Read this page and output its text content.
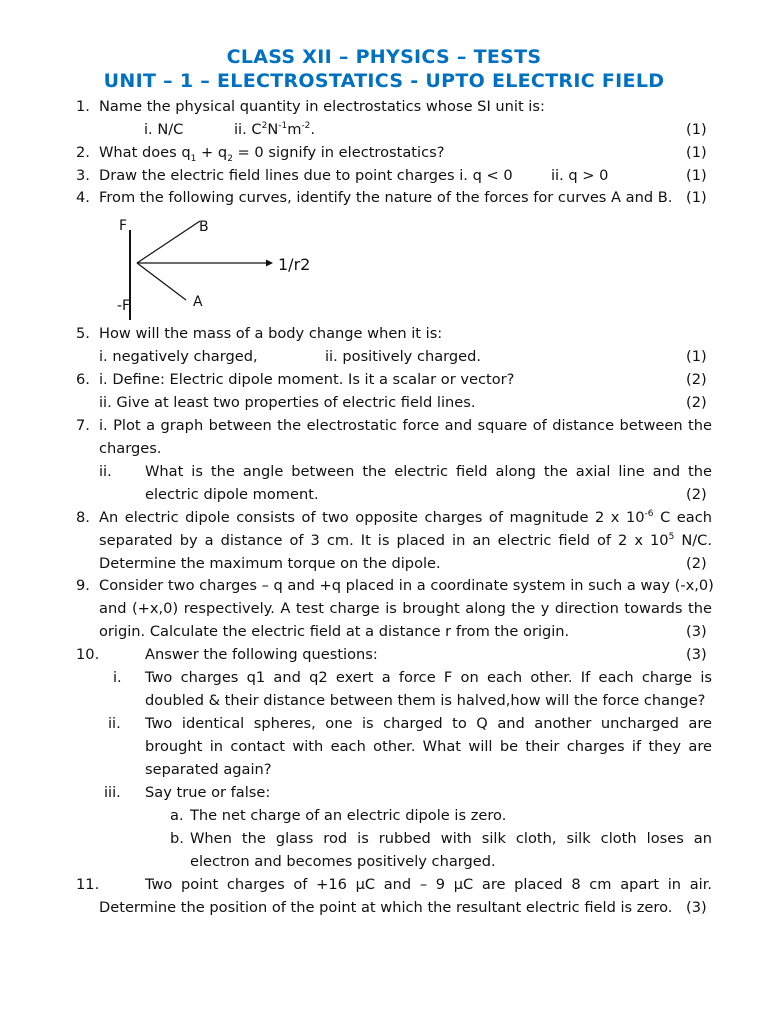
CLASS XII – PHYSICS – TESTS
UNIT – 1 – ELECTROSTATICS - UPTO ELECTRIC FIELD
1. Name the physical quantity in electrostatics whose SI unit is:
i. N/C	ii. $C^2N^{-1}m^{-2}$.	(1)
2. What does $q_1 + q_2 = 0$ signify in electrostatics?	(1)
3. Draw the electric field lines due to point charges i. q < 0	ii. q > 0	(1)
4. From the following curves, identify the nature of the forces for curves A and B. (1)
F
-F
B
A
1/r2
5. How will the mass of a body change when it is:
i. negatively charged,	ii. positively charged.	(1)
6. i. Define: Electric dipole moment. Is it a scalar or vector?	(2)
ii. Give at least two properties of electric field lines.	(2)
7. i. Plot a graph between the electrostatic force and square of distance between the
charges.
ii. What is the angle between the electric field along the axial line and the
electric dipole moment.	(2)
8. An electric dipole consists of two opposite charges of magnitude 2 x $10^{-6}$ C each
separated by a distance of 3 cm. It is placed in an electric field of 2 x $10^5$ N/C.
Determine the maximum torque on the dipole.	(2)
9. Consider two charges – q and +q placed in a coordinate system in such a way (-x,0)
and (+x,0) respectively. A test charge is brought along the y direction towards the
origin. Calculate the electric field at a distance r from the origin.	(3)
10.	Answer the following questions:	(3)
i. Two charges q1 and q2 exert a force F on each other. If each charge is
doubled & their distance between them is halved,how will the force change?
ii. Two identical spheres, one is charged to Q and another uncharged are
brought in contact with each other. What will be their charges if they are
separated again?
iii. Say true or false:
a. The net charge of an electric dipole is zero.
b. When the glass rod is rubbed with silk cloth, silk cloth loses an
electron and becomes positively charged.
11.	Two point charges of +16 μC and – 9 μC are placed 8 cm apart in air.
Determine the position of the point at which the resultant electric field is zero. (3)
